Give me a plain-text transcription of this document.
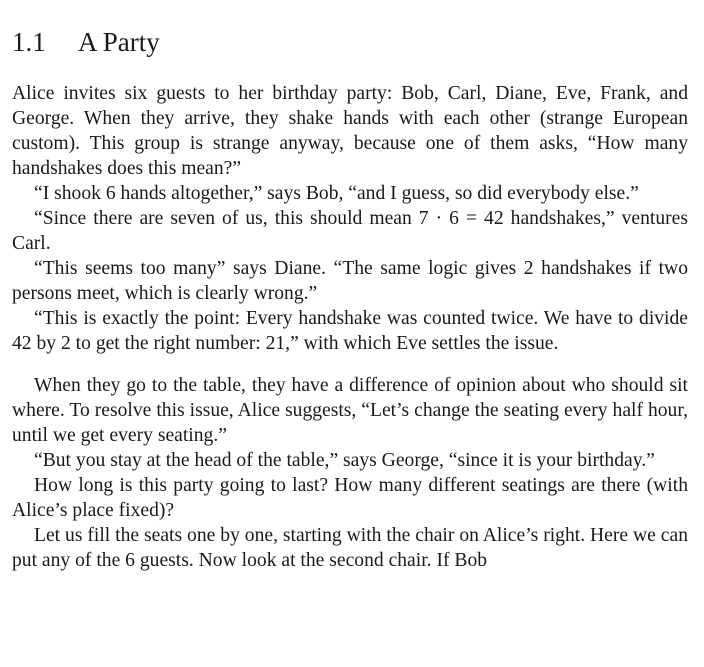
1.1 A Party

Alice invites six guests to her birthday party: Bob, Carl, Diane, Eve, Frank, and George. When they arrive, they shake hands with each other (strange European custom). This group is strange anyway, because one of them asks, “How many handshakes does this mean?”

“I shook 6 hands altogether,” says Bob, “and I guess, so did everybody else.”

“Since there are seven of us, this should mean 7 · 6 = 42 handshakes,” ventures Carl.

“This seems too many” says Diane. “The same logic gives 2 handshakes if two persons meet, which is clearly wrong.”

“This is exactly the point: Every handshake was counted twice. We have to divide 42 by 2 to get the right number: 21,” with which Eve settles the issue.

When they go to the table, they have a difference of opinion about who should sit where. To resolve this issue, Alice suggests, “Let’s change the seating every half hour, until we get every seating.”

“But you stay at the head of the table,” says George, “since it is your birthday.”

How long is this party going to last? How many different seatings are there (with Alice’s place fixed)?

Let us fill the seats one by one, starting with the chair on Alice’s right. Here we can put any of the 6 guests. Now look at the second chair. If Bob
